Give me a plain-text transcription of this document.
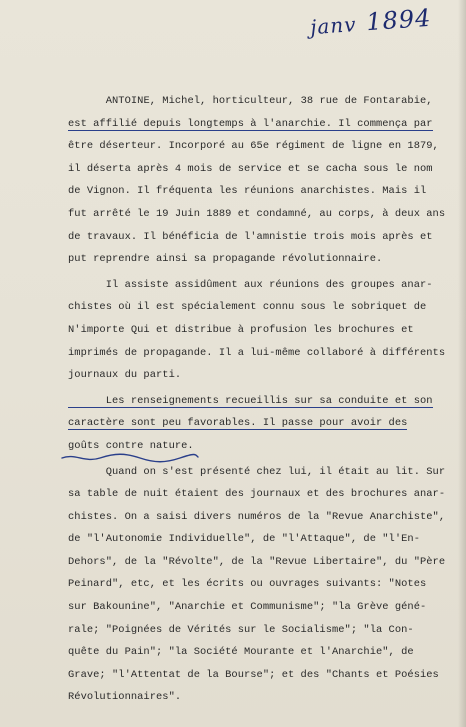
janv 1894
ANTOINE, Michel, horticulteur, 38 rue de Fontarabie,
est affilié depuis longtemps à l'anarchie. Il commença par
être déserteur. Incorporé au 65e régiment de ligne en 1879,
il déserta après 4 mois de service et se cacha sous le nom
de Vignon. Il fréquenta les réunions anarchistes. Mais il
fut arrêté le 19 Juin 1889 et condamné, au corps, à deux ans
de travaux. Il bénéficia de l'amnistie trois mois après et
put reprendre ainsi sa propagande révolutionnaire.
Il assiste assidûment aux réunions des groupes anar-
chistes où il est spécialement connu sous le sobriquet de
N'importe Qui et distribue à profusion les brochures et
imprimés de propagande. Il a lui-même collaboré à différents
journaux du parti.
Les renseignements recueillis sur sa conduite et son
caractère sont peu favorables. Il passe pour avoir des
goûts contre nature.
Quand on s'est présenté chez lui, il était au lit. Sur
sa table de nuit étaient des journaux et des brochures anar-
chistes. On a saisi divers numéros de la "Revue Anarchiste",
de "l'Autonomie Individuelle", de "l'Attaque", de "l'En-
Dehors", de la "Révolte", de la "Revue Libertaire", du "Père
Peinard", etc, et les écrits ou ouvrages suivants: "Notes
sur Bakounine", "Anarchie et Communisme"; "la Grève géné-
rale; "Poignées de Vérités sur le Socialisme"; "la Con-
quête du Pain"; "la Société Mourante et l'Anarchie", de
Grave; "l'Attentat de la Bourse"; et des "Chants et Poésies
Révolutionnaires".
